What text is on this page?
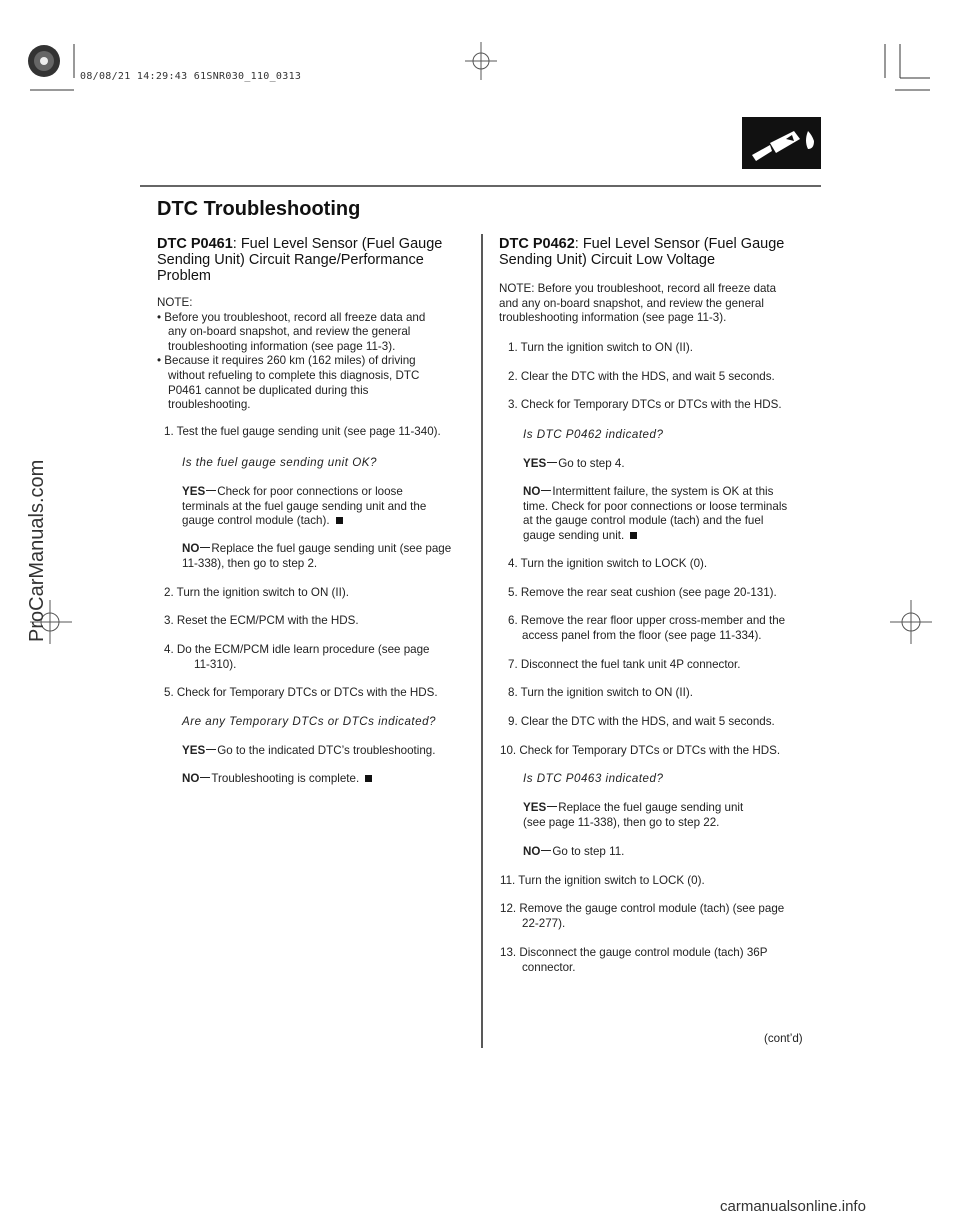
08/08/21 14:29:43 61SNR030_110_0313
DTC Troubleshooting
DTC P0461: Fuel Level Sensor (Fuel Gauge
Sending Unit) Circuit Range/Performance
Problem
NOTE:
• Before you troubleshoot, record all freeze data and
any on-board snapshot, and review the general
troubleshooting information (see page 11-3).
• Because it requires 260 km (162 miles) of driving
without refueling to complete this diagnosis, DTC
P0461 cannot be duplicated during this
troubleshooting.
1. Test the fuel gauge sending unit (see page 11-340).
Is the fuel gauge sending unit OK?
YES Check for poor connections or loose
terminals at the fuel gauge sending unit and the
gauge control module (tach).
NO Replace the fuel gauge sending unit (see page
11-338), then go to step 2.
2. Turn the ignition switch to ON (II).
3. Reset the ECM/PCM with the HDS.
4. Do the ECM/PCM idle learn procedure (see page
11-310).
5. Check for Temporary DTCs or DTCs with the HDS.
Are any Temporary DTCs or DTCs indicated?
YES Go to the indicated DTC’s troubleshooting.
NO Troubleshooting is complete.
DTC P0462: Fuel Level Sensor (Fuel Gauge
Sending Unit) Circuit Low Voltage
NOTE: Before you troubleshoot, record all freeze data
and any on-board snapshot, and review the general
troubleshooting information (see page 11-3).
1. Turn the ignition switch to ON (II).
2. Clear the DTC with the HDS, and wait 5 seconds.
3. Check for Temporary DTCs or DTCs with the HDS.
Is DTC P0462 indicated?
YES Go to step 4.
NO Intermittent failure, the system is OK at this
time. Check for poor connections or loose terminals
at the gauge control module (tach) and the fuel
gauge sending unit.
4. Turn the ignition switch to LOCK (0).
5. Remove the rear seat cushion (see page 20-131).
6. Remove the rear floor upper cross-member and the
access panel from the floor (see page 11-334).
7. Disconnect the fuel tank unit 4P connector.
8. Turn the ignition switch to ON (II).
9. Clear the DTC with the HDS, and wait 5 seconds.
10. Check for Temporary DTCs or DTCs with the HDS.
Is DTC P0463 indicated?
YES Replace the fuel gauge sending unit
(see page 11-338), then go to step 22.
NO Go to step 11.
11. Turn the ignition switch to LOCK (0).
12. Remove the gauge control module (tach) (see page
22-277).
13. Disconnect the gauge control module (tach) 36P
connector.
(cont’d)
ProCarManuals.com
carmanualsonline.info
